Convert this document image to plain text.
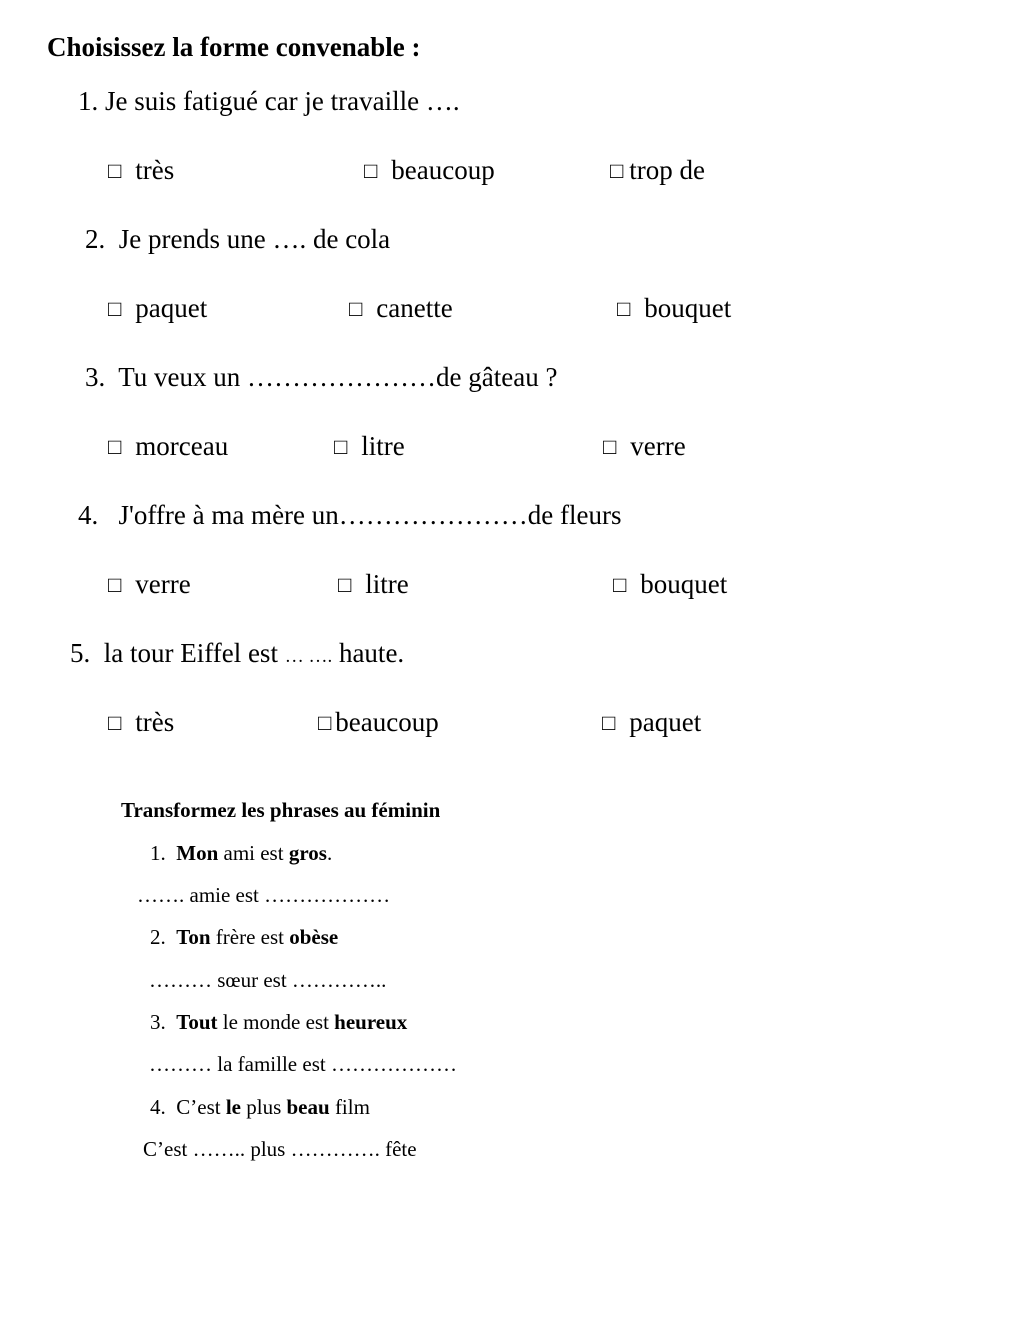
Choisissez la forme convenable :
1. Je suis fatigué car je travaille ….
□ très	□ beaucoup	□ trop de
2. Je prends une …. de cola
□ paquet	□ canette	□ bouquet
3. Tu veux un …………………de gâteau ?
□ morceau	□ litre	□ verre
4. J'offre à ma mère un…………………de fleurs
□ verre	□ litre	□ bouquet
5. la tour Eiffel est … …. haute.
□ très	□ beaucoup	□ paquet
Transformez les phrases au féminin
1. Mon ami est gros.
……. amie est ………………
2. Ton frère est obèse
……… sœur est …………..
3. Tout le monde est heureux
……… la famille est ………………
4. C’est le plus beau film
C’est …….. plus …………. fête
